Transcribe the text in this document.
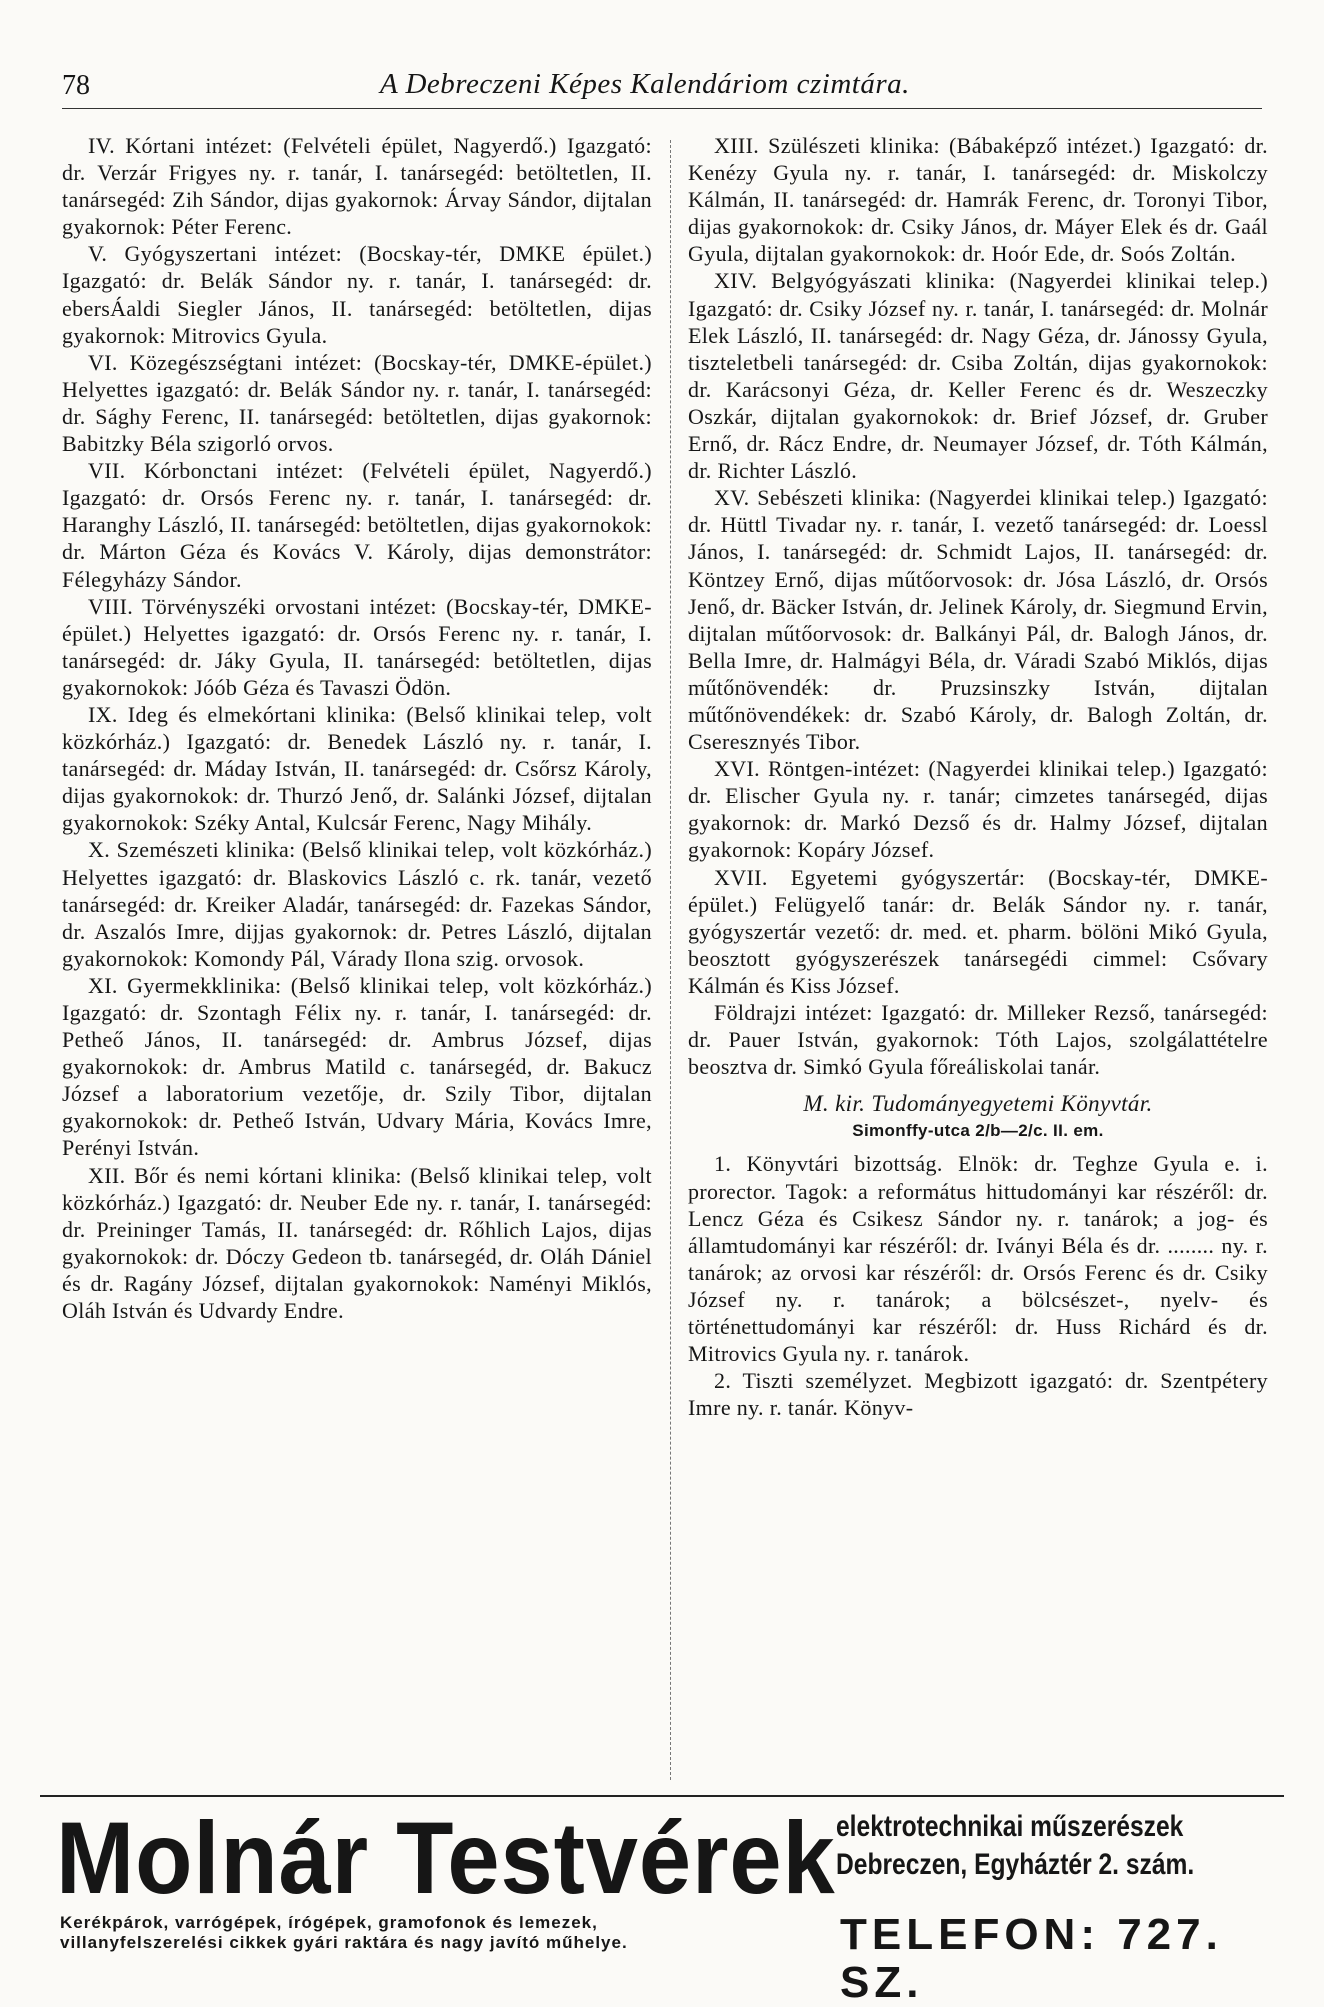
78	A Debreczeni Képes Kalendáriom czimtára.

IV. Kórtani intézet: (Felvételi épület, Nagyerdő.) Igazgató: dr. Verzár Frigyes ny. r. tanár, I. tanársegéd: betöltetlen, II. tanársegéd: Zih Sándor, dijas gyakornok: Árvay Sándor, dijtalan gyakornok: Péter Ferenc.

V. Gyógyszertani intézet: (Bocskay-tér, DMKE épület.) Igazgató: dr. Belák Sándor ny. r. tanár, I. tanársegéd: dr. ebersÁaldi Siegler János, II. tanársegéd: betöltetlen, dijas gyakornok: Mitrovics Gyula.

VI. Közegészségtani intézet: (Bocskay-tér, DMKE-épület.) Helyettes igazgató: dr. Belák Sándor ny. r. tanár, I. tanársegéd: dr. Sághy Ferenc, II. tanársegéd: betöltetlen, dijas gyakornok: Babitzky Béla szigorló orvos.

VII. Kórbonctani intézet: (Felvételi épület, Nagyerdő.) Igazgató: dr. Orsós Ferenc ny. r. tanár, I. tanársegéd: dr. Haranghy László, II. tanársegéd: betöltetlen, dijas gyakornokok: dr. Márton Géza és Kovács V. Károly, dijas demonstrátor: Félegyházy Sándor.

VIII. Törvényszéki orvostani intézet: (Bocskay-tér, DMKE-épület.) Helyettes igazgató: dr. Orsós Ferenc ny. r. tanár, I. tanársegéd: dr. Jáky Gyula, II. tanársegéd: betöltetlen, dijas gyakornokok: Jóób Géza és Tavaszi Ödön.

IX. Ideg és elmekórtani klinika: (Belső klinikai telep, volt közkórház.) Igazgató: dr. Benedek László ny. r. tanár, I. tanársegéd: dr. Máday István, II. tanársegéd: dr. Csőrsz Károly, dijas gyakornokok: dr. Thurzó Jenő, dr. Salánki József, dijtalan gyakornokok: Széky Antal, Kulcsár Ferenc, Nagy Mihály.

X. Szemészeti klinika: (Belső klinikai telep, volt közkórház.) Helyettes igazgató: dr. Blaskovics László c. rk. tanár, vezető tanársegéd: dr. Kreiker Aladár, tanársegéd: dr. Fazekas Sándor, dr. Aszalós Imre, dijjas gyakornok: dr. Petres László, dijtalan gyakornokok: Komondy Pál, Várady Ilona szig. orvosok.

XI. Gyermekklinika: (Belső klinikai telep, volt közkórház.) Igazgató: dr. Szontagh Félix ny. r. tanár, I. tanársegéd: dr. Petheő János, II. tanársegéd: dr. Ambrus József, dijas gyakornokok: dr. Ambrus Matild c. tanársegéd, dr. Bakucz József a laboratorium vezetője, dr. Szily Tibor, dijtalan gyakornokok: dr. Petheő István, Udvary Mária, Kovács Imre, Perényi István.

XII. Bőr és nemi kórtani klinika: (Belső klinikai telep, volt közkórház.) Igazgató: dr. Neuber Ede ny. r. tanár, I. tanársegéd: dr. Preininger Tamás, II. tanársegéd: dr. Rőhlich Lajos, dijas gyakornokok: dr. Dóczy Gedeon tb. tanársegéd, dr. Oláh Dániel és dr. Ragány József, dijtalan gyakornokok: Naményi Miklós, Oláh István és Udvardy Endre.

XIII. Szülészeti klinika: (Bábaképző intézet.) Igazgató: dr. Kenézy Gyula ny. r. tanár, I. tanársegéd: dr. Miskolczy Kálmán, II. tanársegéd: dr. Hamrák Ferenc, dr. Toronyi Tibor, dijas gyakornokok: dr. Csiky János, dr. Máyer Elek és dr. Gaál Gyula, dijtalan gyakornokok: dr. Hoór Ede, dr. Soós Zoltán.

XIV. Belgyógyászati klinika: (Nagyerdei klinikai telep.) Igazgató: dr. Csiky József ny. r. tanár, I. tanársegéd: dr. Molnár Elek László, II. tanársegéd: dr. Nagy Géza, dr. Jánossy Gyula, tiszteletbeli tanársegéd: dr. Csiba Zoltán, dijas gyakornokok: dr. Karácsonyi Géza, dr. Keller Ferenc és dr. Weszeczky Oszkár, dijtalan gyakornokok: dr. Brief József, dr. Gruber Ernő, dr. Rácz Endre, dr. Neumayer József, dr. Tóth Kálmán, dr. Richter László.

XV. Sebészeti klinika: (Nagyerdei klinikai telep.) Igazgató: dr. Hüttl Tivadar ny. r. tanár, I. vezető tanársegéd: dr. Loessl János, I. tanársegéd: dr. Schmidt Lajos, II. tanársegéd: dr. Köntzey Ernő, dijas műtőorvosok: dr. Jósa László, dr. Orsós Jenő, dr. Bäcker István, dr. Jelinek Károly, dr. Siegmund Ervin, dijtalan műtőorvosok: dr. Balkányi Pál, dr. Balogh János, dr. Bella Imre, dr. Halmágyi Béla, dr. Váradi Szabó Miklós, dijas műtőnövendék: dr. Pruzsinszky István, dijtalan műtőnövendékek: dr. Szabó Károly, dr. Balogh Zoltán, dr. Cseresznyés Tibor.

XVI. Röntgen-intézet: (Nagyerdei klinikai telep.) Igazgató: dr. Elischer Gyula ny. r. tanár; cimzetes tanársegéd, dijas gyakornok: dr. Markó Dezső és dr. Halmy József, dijtalan gyakornok: Kopáry József.

XVII. Egyetemi gyógyszertár: (Bocskay-tér, DMKE-épület.) Felügyelő tanár: dr. Belák Sándor ny. r. tanár, gyógyszertár vezető: dr. med. et. pharm. bölöni Mikó Gyula, beosztott gyógyszerészek tanársegédi cimmel: Csővary Kálmán és Kiss József.

Földrajzi intézet: Igazgató: dr. Milleker Rezső, tanársegéd: dr. Pauer István, gyakornok: Tóth Lajos, szolgálattételre beosztva dr. Simkó Gyula főreáliskolai tanár.

M. kir. Tudományegyetemi Könyvtár.

Simonffy-utca 2/b—2/c. II. em.

1. Könyvtári bizottság. Elnök: dr. Teghze Gyula e. i. prorector. Tagok: a református hittudományi kar részéről: dr. Lencz Géza és Csikesz Sándor ny. r. tanárok; a jog- és államtudományi kar részéről: dr. Iványi Béla és dr. ........ ny. r. tanárok; az orvosi kar részéről: dr. Orsós Ferenc és dr. Csiky József ny. r. tanárok; a bölcsészet-, nyelv- és történettudományi kar részéről: dr. Huss Richárd és dr. Mitrovics Gyula ny. r. tanárok.

2. Tiszti személyzet. Megbizott igazgató: dr. Szentpétery Imre ny. r. tanár. Könyv-

Molnár Testvérek elektrotechnikai műszerészek
Debreczen, Egyháztér 2. szám.
Kerékpárok, varrógépek, írógépek, gramofonok és lemezek,
villanyfelszerelési cikkek gyári raktára és nagy javító műhelye.	TELEFON: 727. SZ.
